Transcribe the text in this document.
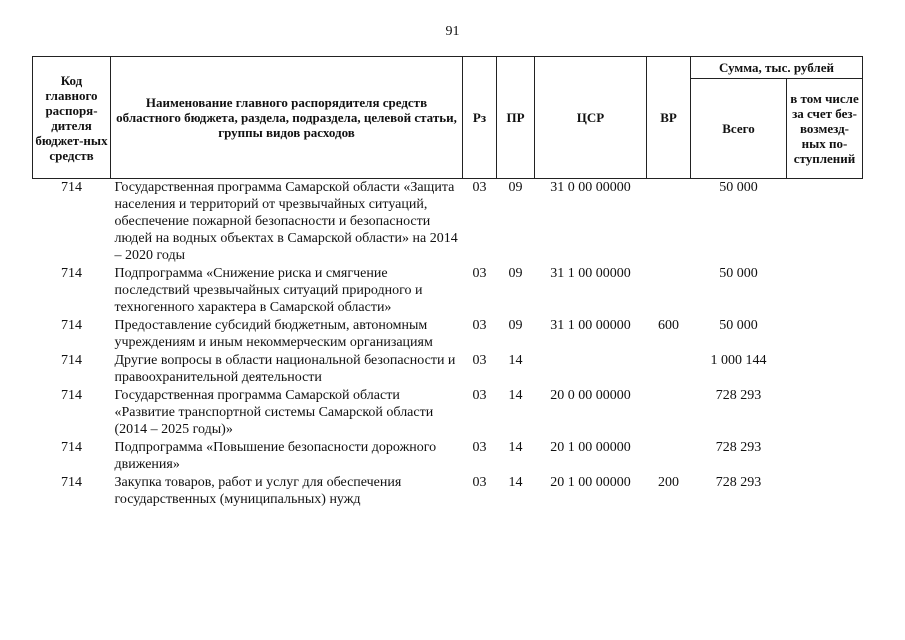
91
Код главного распоря-дителя бюджет-ных средств	Наименование главного распорядителя средств областного бюджета, раздела, подраздела, целевой статьи, группы видов расходов	Рз	ПР	ЦСР	ВР	Сумма, тыс. рублей	
						Всего	в том числе за счет без-возмезд-ных по-ступлений
714	Государственная программа Самарской области «Защита населения и территорий от чрезвычайных ситуаций, обеспечение пожарной безопасности и безопасности людей на водных объектах в Самарской области» на 2014 – 2020 годы	03	09	31 0 00 00000		50 000	
714	Подпрограмма «Снижение риска и смягчение последствий чрезвычайных ситуаций природного и техногенного характера в Самарской области»	03	09	31 1 00 00000		50 000	
714	Предоставление субсидий бюджетным, автономным учреждениям и иным некоммерческим организациям	03	09	31 1 00 00000	600	50 000	
714	Другие вопросы в области национальной безопасности и правоохранительной деятельности	03	14			1 000 144	
714	Государственная программа Самарской области «Развитие транспортной системы Самарской области (2014 – 2025 годы)»	03	14	20 0 00 00000		728 293	
714	Подпрограмма «Повышение безопасности дорожного движения»	03	14	20 1 00 00000		728 293	
714	Закупка товаров, работ и услуг для обеспечения государственных (муниципальных) нужд	03	14	20 1 00 00000	200	728 293	
